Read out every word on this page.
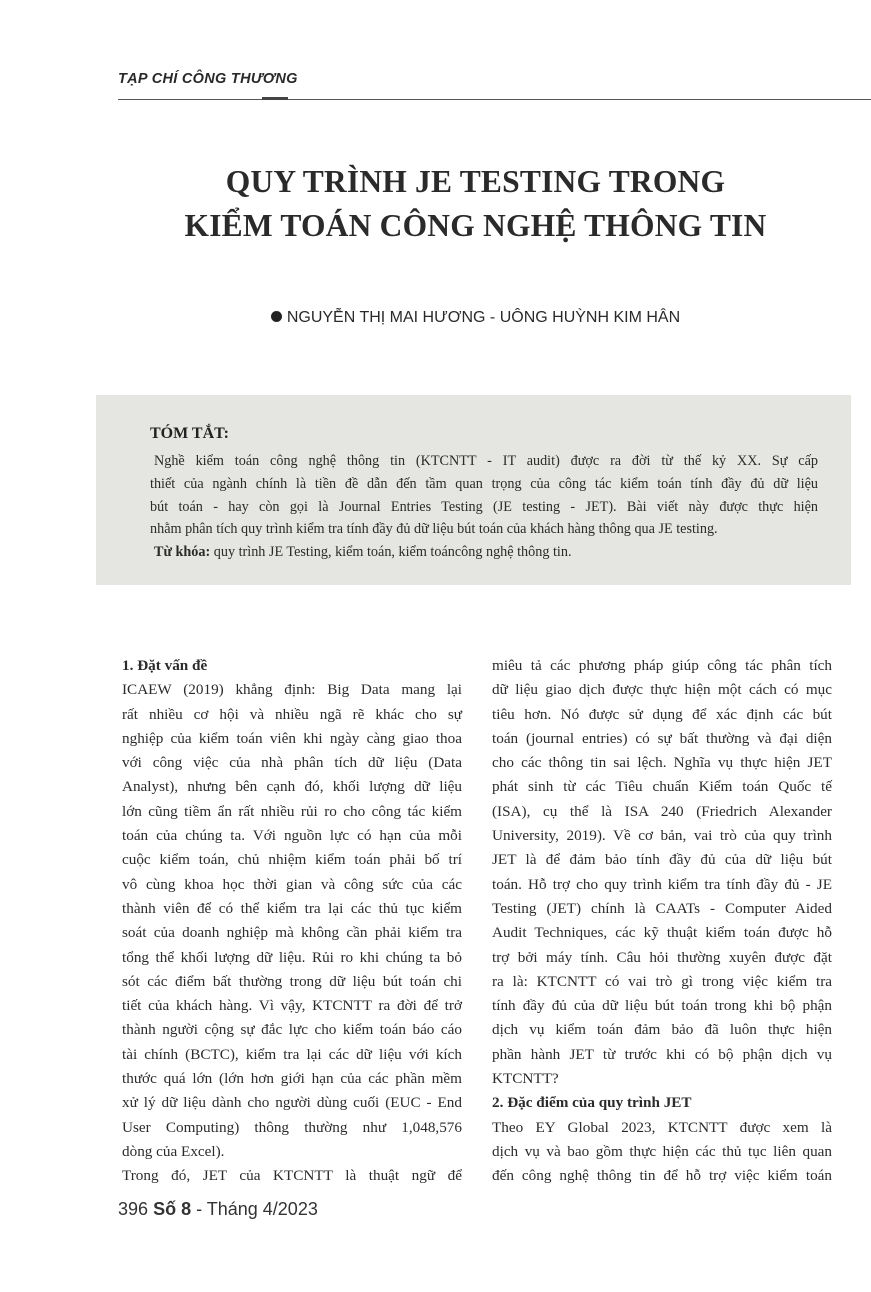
TẠP CHÍ CÔNG THƯƠNG
QUY TRÌNH JE TESTING TRONG
KIỂM TOÁN CÔNG NGHỆ THÔNG TIN
NGUYỄN THỊ MAI HƯƠNG - UÔNG HUỲNH KIM HÂN
TÓM TẮT:
Nghề kiểm toán công nghệ thông tin (KTCNTT - IT audit) được ra đời từ thế kỷ XX. Sự cấp
thiết của ngành chính là tiền đề dẫn đến tầm quan trọng của công tác kiểm toán tính đầy đủ dữ liệu
bút toán - hay còn gọi là Journal Entries Testing (JE testing - JET). Bài viết này được thực hiện
nhằm phân tích quy trình kiểm tra tính đầy đủ dữ liệu bút toán của khách hàng thông qua JE testing.

Từ khóa: quy trình JE Testing, kiểm toán, kiểm toáncông nghệ thông tin.

1. Đặt vấn đề
ICAEW (2019) khẳng định: Big Data mang lại
rất nhiều cơ hội và nhiều ngã rẽ khác cho sự
nghiệp của kiểm toán viên khi ngày càng giao thoa
với công việc của nhà phân tích dữ liệu (Data
Analyst), nhưng bên cạnh đó, khối lượng dữ liệu
lớn cũng tiềm ẩn rất nhiều rủi ro cho công tác kiểm
toán của chúng ta. Với nguồn lực có hạn của mỗi
cuộc kiểm toán, chủ nhiệm kiểm toán phải bố trí
vô cùng khoa học thời gian và công sức của các
thành viên để có thể kiểm tra lại các thủ tục kiểm
soát của doanh nghiệp mà không cần phải kiểm tra
tổng thể khối lượng dữ liệu. Rủi ro khi chúng ta bỏ
sót các điểm bất thường trong dữ liệu bút toán chi
tiết của khách hàng. Vì vậy, KTCNTT ra đời để trở
thành người cộng sự đắc lực cho kiểm toán báo cáo
tài chính (BCTC), kiểm tra lại các dữ liệu với kích
thước quá lớn (lớn hơn giới hạn của các phần mềm
xử lý dữ liệu dành cho người dùng cuối (EUC - End
User Computing) thông thường như 1,048,576
dòng của Excel).
Trong đó, JET của KTCNTT là thuật ngữ để
miêu tả các phương pháp giúp công tác phân tích
dữ liệu giao dịch được thực hiện một cách có mục
tiêu hơn. Nó được sử dụng để xác định các bút
toán (journal entries) có sự bất thường và đại diện
cho các thông tin sai lệch. Nghĩa vụ thực hiện JET
phát sinh từ các Tiêu chuẩn Kiểm toán Quốc tế
(ISA), cụ thể là ISA 240 (Friedrich Alexander
University, 2019). Về cơ bản, vai trò của quy trình
JET là để đảm bảo tính đầy đủ của dữ liệu bút
toán. Hỗ trợ cho quy trình kiểm tra tính đầy đủ - JE
Testing (JET) chính là CAATs - Computer Aided
Audit Techniques, các kỹ thuật kiểm toán được hỗ
trợ bởi máy tính. Câu hỏi thường xuyên được đặt
ra là: KTCNTT có vai trò gì trong việc kiểm tra
tính đầy đủ của dữ liệu bút toán trong khi bộ phận
dịch vụ kiểm toán đảm bảo đã luôn thực hiện
phần hành JET từ trước khi có bộ phận dịch vụ
KTCNTT?
2. Đặc điểm của quy trình JET
Theo EY Global 2023, KTCNTT được xem là
dịch vụ và bao gồm thực hiện các thủ tục liên quan
đến công nghệ thông tin để hỗ trợ việc kiểm toán
396 Số 8 - Tháng 4/2023
